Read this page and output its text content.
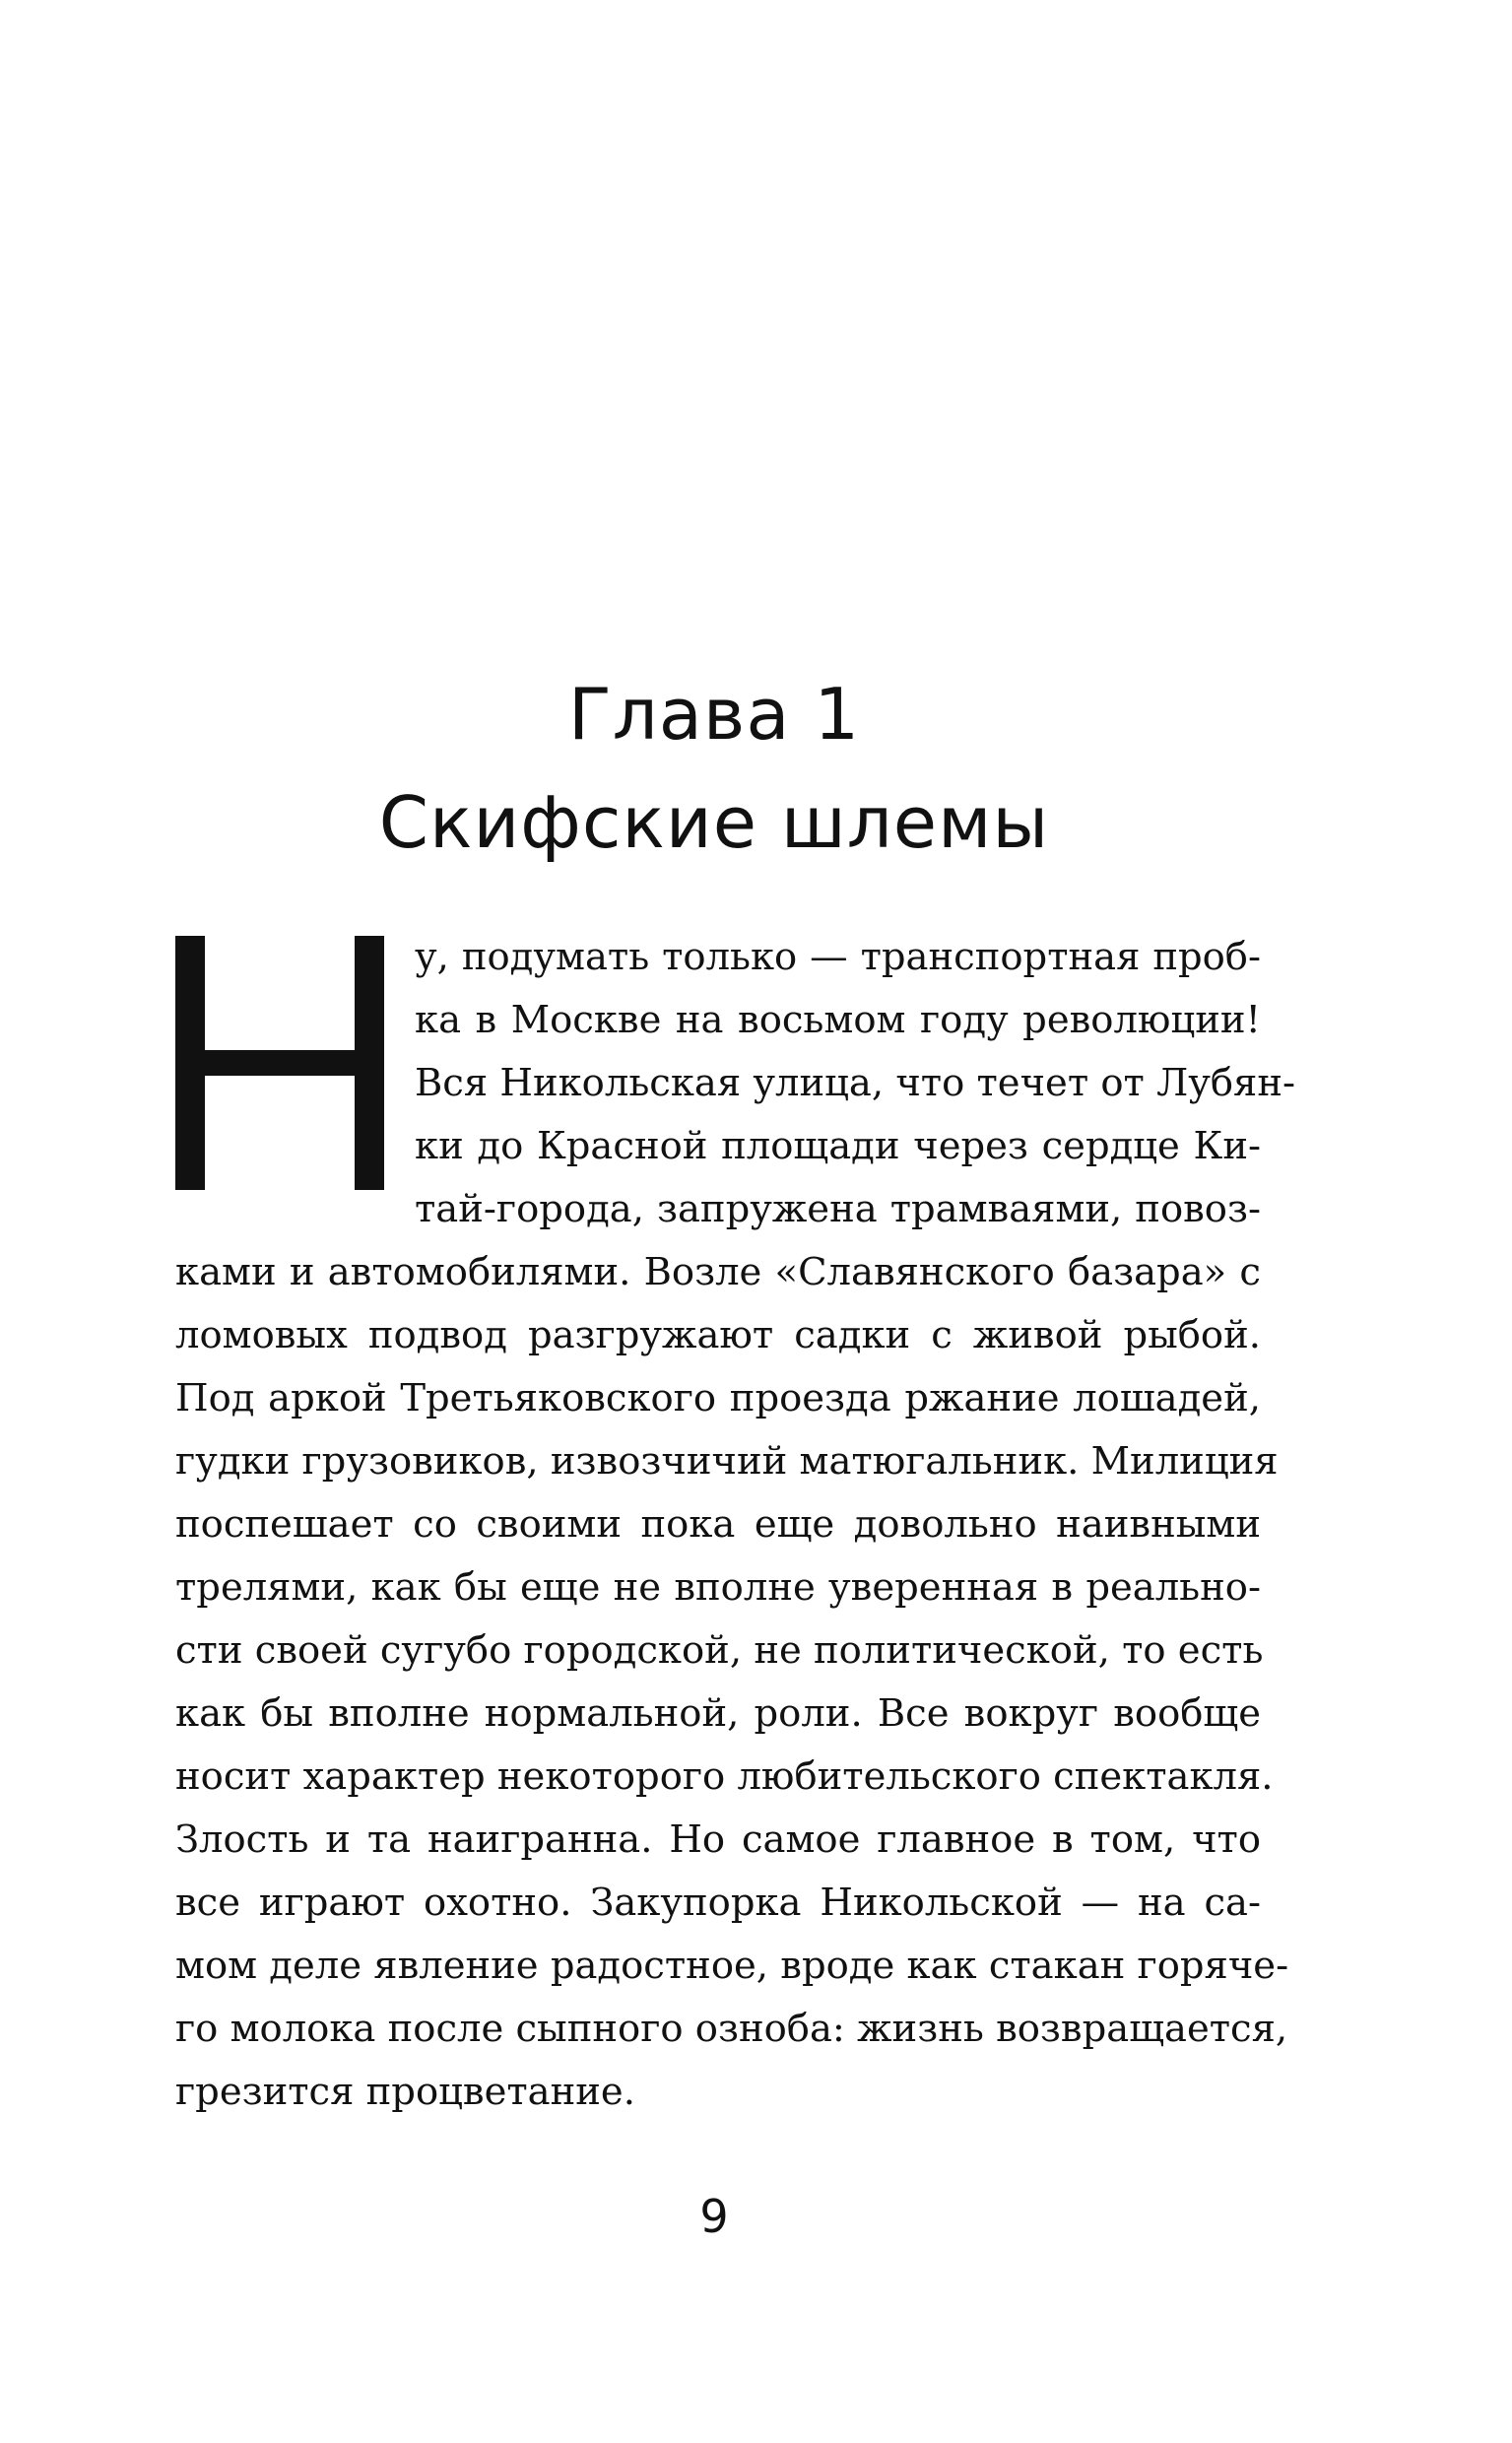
Глава 1
Скифские шлемы
у, подумать только — транспортная проб-
ка в Москве на восьмом году революции!
Вся Никольская улица, что течет от Лубян-
ки до Красной площади через сердце Ки-
тай-города, запружена трамваями, повоз-
ками и автомобилями. Возле «Славянского базара» с
ломовых подвод разгружают садки с живой рыбой.
Под аркой Третьяковского проезда ржание лошадей,
гудки грузовиков, извозчичий матюгальник. Милиция
поспешает со своими пока еще довольно наивными
трелями, как бы еще не вполне уверенная в реально-
сти своей сугубо городской, не политической, то есть
как бы вполне нормальной, роли. Все вокруг вообще
носит характер некоторого любительского спектакля.
Злость и та наигранна. Но самое главное в том, что
все играют охотно. Закупорка Никольской — на са-
мом деле явление радостное, вроде как стакан горяче-
го молока после сыпного озноба: жизнь возвращается,
грезится процветание.
9
